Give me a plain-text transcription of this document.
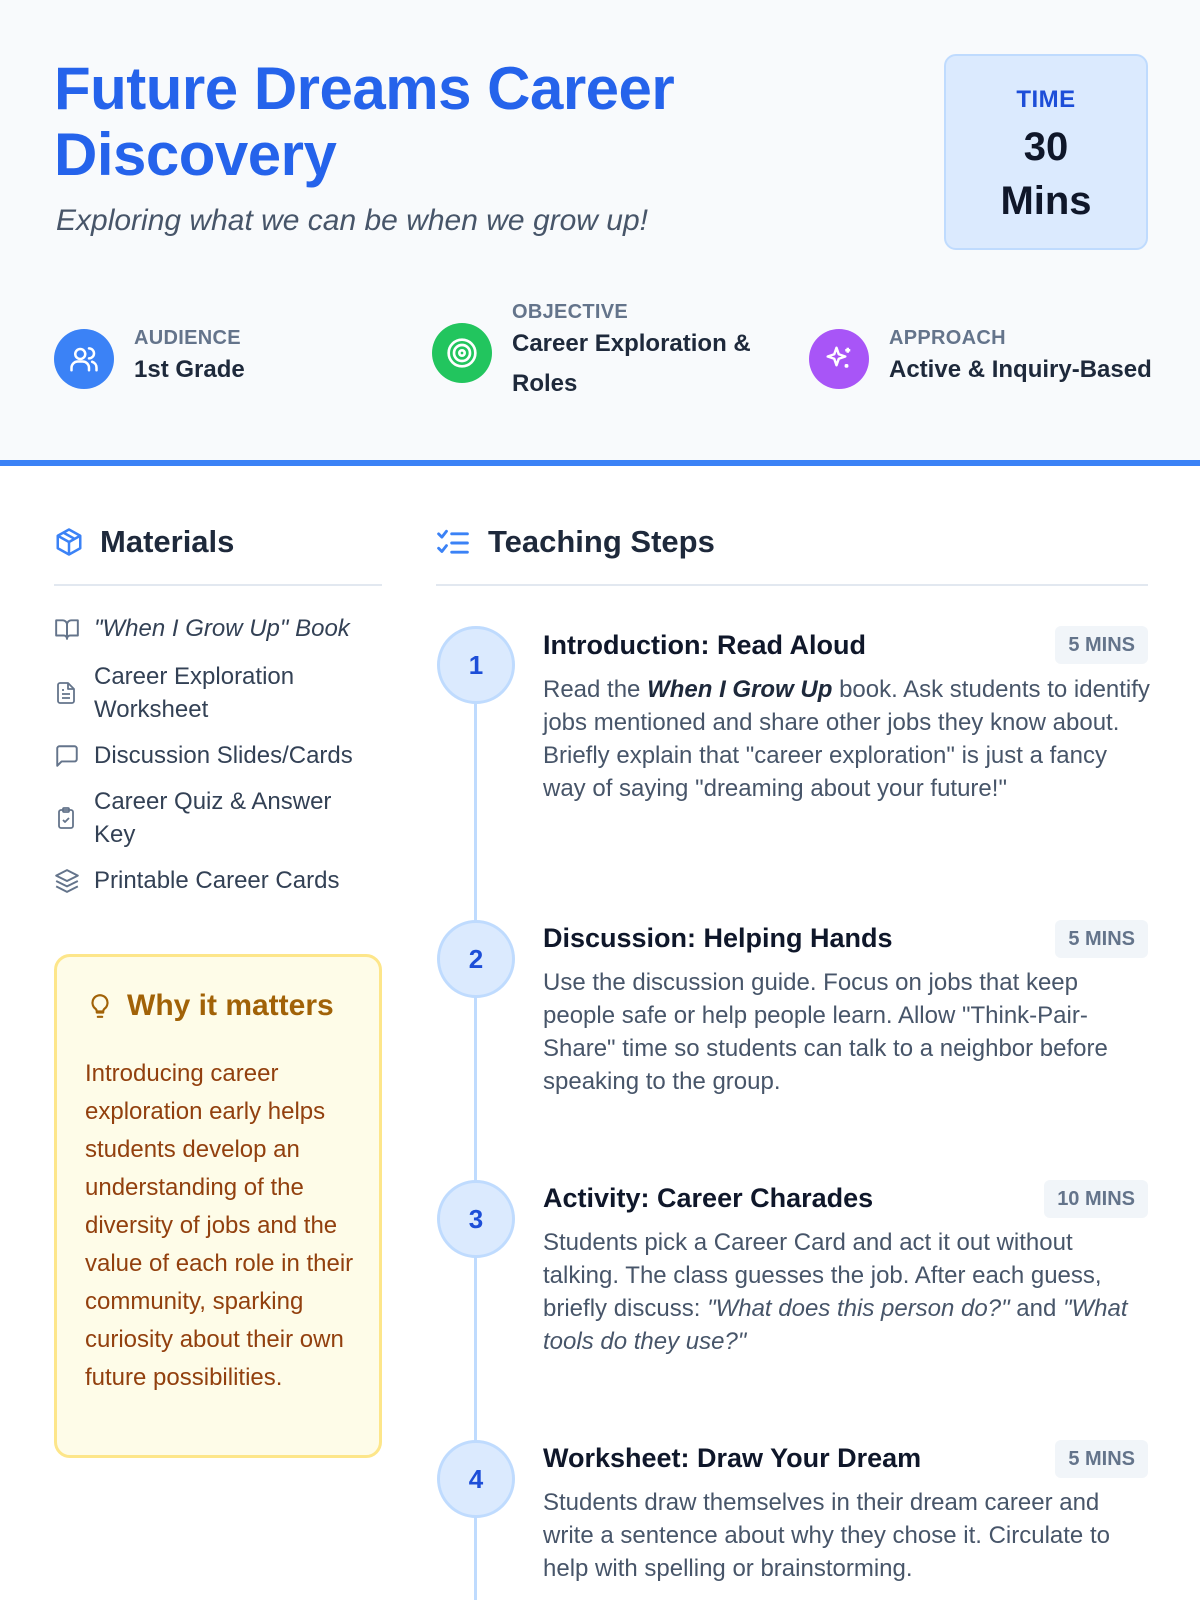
Future Dreams Career Discovery
Exploring what we can be when we grow up!
TIME
30 Mins
AUDIENCE
1st Grade
OBJECTIVE
Career Exploration & Roles
APPROACH
Active & Inquiry-Based
Materials
"When I Grow Up" Book
Career Exploration Worksheet
Discussion Slides/Cards
Career Quiz & Answer Key
Printable Career Cards
Why it matters
Introducing career exploration early helps students develop an understanding of the diversity of jobs and the value of each role in their community, sparking curiosity about their own future possibilities.
Teaching Steps
1
Introduction: Read Aloud	5 MINS
Read the When I Grow Up book. Ask students to identify jobs mentioned and share other jobs they know about. Briefly explain that "career exploration" is just a fancy way of saying "dreaming about your future!"
2
Discussion: Helping Hands	5 MINS
Use the discussion guide. Focus on jobs that keep people safe or help people learn. Allow "Think-Pair-Share" time so students can talk to a neighbor before speaking to the group.
3
Activity: Career Charades	10 MINS
Students pick a Career Card and act it out without talking. The class guesses the job. After each guess, briefly discuss: "What does this person do?" and "What tools do they use?"
4
Worksheet: Draw Your Dream	5 MINS
Students draw themselves in their dream career and write a sentence about why they chose it. Circulate to help with spelling or brainstorming.
